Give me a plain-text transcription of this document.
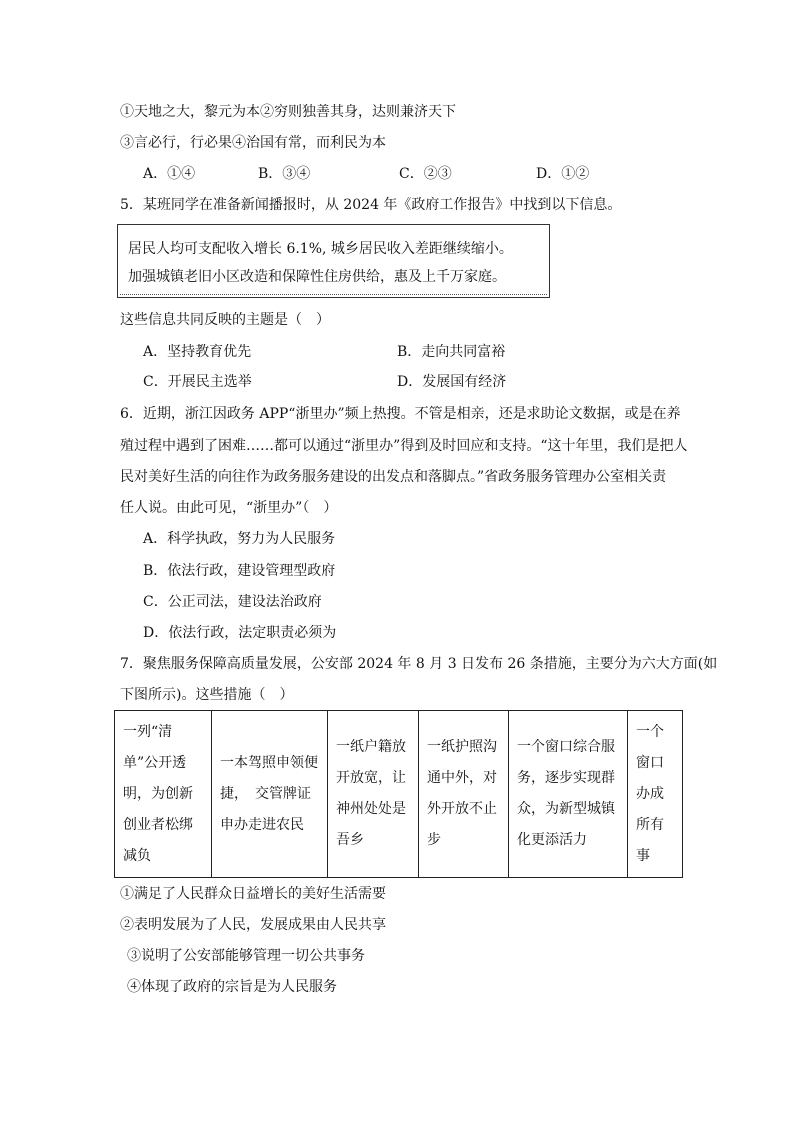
①天地之大，黎元为本②穷则独善其身，达则兼济天下
③言必行，行必果④治国有常，而利民为本
A．①④	B．③④	C．②③	D．①②
5．某班同学在准备新闻播报时，从 2024 年《政府工作报告》中找到以下信息。
居民人均可支配收入增长 6.1%, 城乡居民收入差距继续缩小。
加强城镇老旧小区改造和保障性住房供给，惠及上千万家庭。
这些信息共同反映的主题是（　）
A．坚持教育优先	B．走向共同富裕
C．开展民主选举	D．发展国有经济
6．近期，浙江因政务 APP“浙里办”频上热搜。不管是相亲，还是求助论文数据，或是在养
殖过程中遇到了困难……都可以通过“浙里办”得到及时回应和支持。“这十年里，我们是把人
民对美好生活的向往作为政务服务建设的出发点和落脚点。”省政务服务管理办公室相关责
任人说。由此可见，“浙里办”（　）
A．科学执政，努力为人民服务
B．依法行政，建设管理型政府
C．公正司法，建设法治政府
D．依法行政，法定职责必须为
7．聚焦服务保障高质量发展，公安部 2024 年 8 月 3 日发布 26 条措施，主要分为六大方面(如
下图所示)。这些措施（　）
一列“清单”公开透明，为创新创业者松绑减负	一本驾照申领便捷，　交管牌证申办走进农民	一纸户籍放开放宽，让神州处处是吾乡	一纸护照沟通中外，对外开放不止步	一个窗口综合服务，逐步实现群众，为新型城镇化更添活力	一个窗口办成所有事
①满足了人民群众日益增长的美好生活需要
②表明发展为了人民，发展成果由人民共享
③说明了公安部能够管理一切公共事务
④体现了政府的宗旨是为人民服务
